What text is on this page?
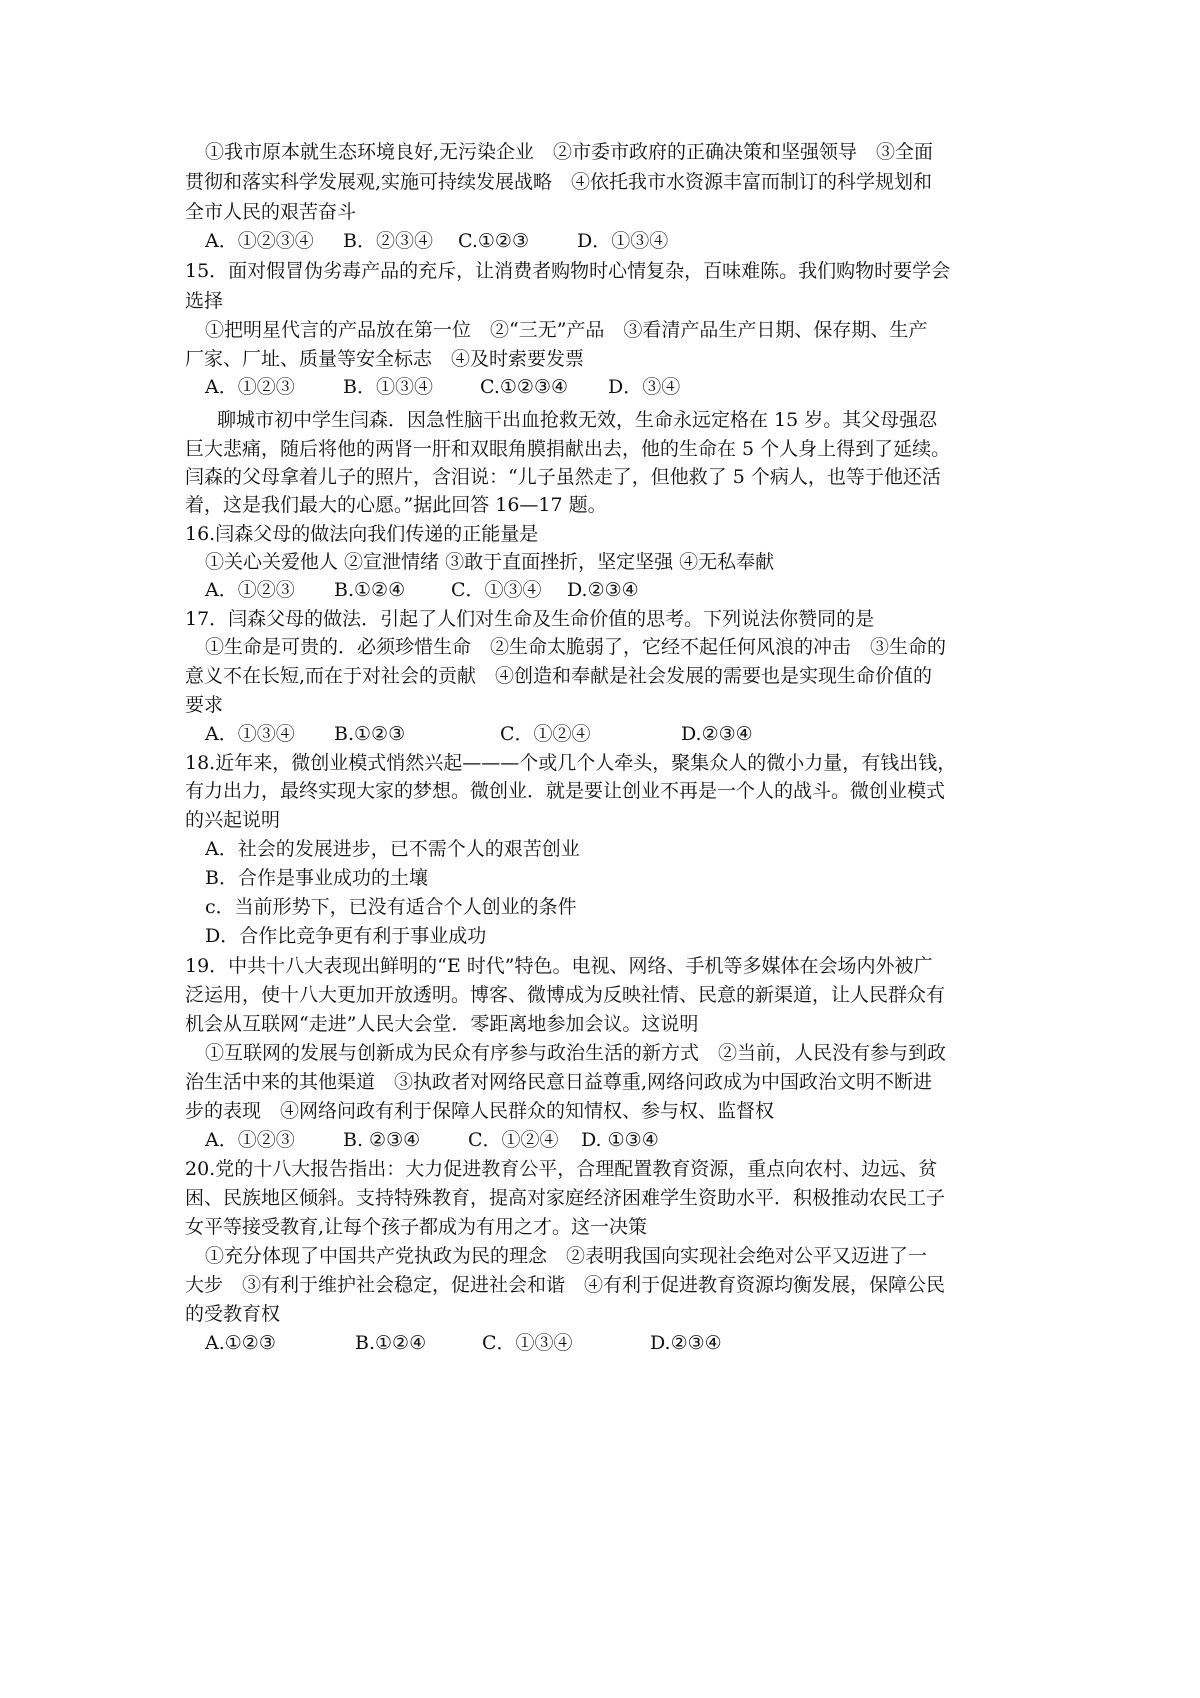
①我市原本就生态环境良好,无污染企业　②市委市政府的正确决策和坚强领导　③全面
贯彻和落实科学发展观,实施可持续发展战略　④依托我市水资源丰富而制订的科学规划和
全市人民的艰苦奋斗
A．①②③④ B．②③④ C.①②③	D．①③④
15．面对假冒伪劣毒产品的充斥，让消费者购物时心情复杂，百味难陈。我们购物时要学会
选择
①把明星代言的产品放在第一位　②“三无”产品　③看清产品生产日期、保存期、生产
厂家、厂址、质量等安全标志　④及时索要发票
A．①②③	B．①③④ C.①②③④ D．③④
聊城市初中学生闫森．因急性脑干出血抢救无效，生命永远定格在 15 岁。其父母强忍
巨大悲痛，随后将他的两肾一肝和双眼角膜捐献出去，他的生命在 5 个人身上得到了延续。
闫森的父母拿着儿子的照片，含泪说：“儿子虽然走了，但他救了 5 个病人，也等于他还活
着，这是我们最大的心愿。”据此回答 16—17 题。
16.闫森父母的做法向我们传递的正能量是
①关心关爱他人 ②宣泄情绪 ③敢于直面挫折，坚定坚强 ④无私奉献
A．①②③ B.①②④ C．①③④ D.②③④
17．闫森父母的做法．引起了人们对生命及生命价值的思考。下列说法你赞同的是
①生命是可贵的．必须珍惜生命　②生命太脆弱了，它经不起任何风浪的冲击　③生命的
意义不在长短,而在于对社会的贡献　④创造和奉献是社会发展的需要也是实现生命价值的
要求
A．①③④ B.①②③	C．①②④	D.②③④
18.近年来，微创业模式悄然兴起———个或几个人牵头，聚集众人的微小力量，有钱出钱，
有力出力，最终实现大家的梦想。微创业．就是要让创业不再是一个人的战斗。微创业模式
的兴起说明
A．社会的发展进步，已不需个人的艰苦创业
B．合作是事业成功的土壤
c．当前形势下，已没有适合个人创业的条件
D．合作比竞争更有利于事业成功
19．中共十八大表现出鲜明的“E 时代”特色。电视、网络、手机等多媒体在会场内外被广
泛运用，使十八大更加开放透明。博客、微博成为反映社情、民意的新渠道，让人民群众有
机会从互联网“走进”人民大会堂．零距离地参加会议。这说明
①互联网的发展与创新成为民众有序参与政治生活的新方式　②当前，人民没有参与到政
治生活中来的其他渠道　③执政者对网络民意日益尊重,网络问政成为中国政治文明不断进
步的表现　④网络问政有利于保障人民群众的知情权、参与权、监督权
A．①②③	B. ②③④	C．①②④ D. ①③④
20.党的十八大报告指出：大力促进教育公平，合理配置教育资源，重点向农村、边远、贫
困、民族地区倾斜。支持特殊教育，提高对家庭经济困难学生资助水平．积极推动农民工子
女平等接受教育,让每个孩子都成为有用之才。这一决策
①充分体现了中国共产党执政为民的理念　②表明我国向实现社会绝对公平又迈进了一
大步　③有利于维护社会稳定，促进社会和谐　④有利于促进教育资源均衡发展，保障公民
的受教育权
A.①②③	B.①②④	C．①③④	D.②③④
